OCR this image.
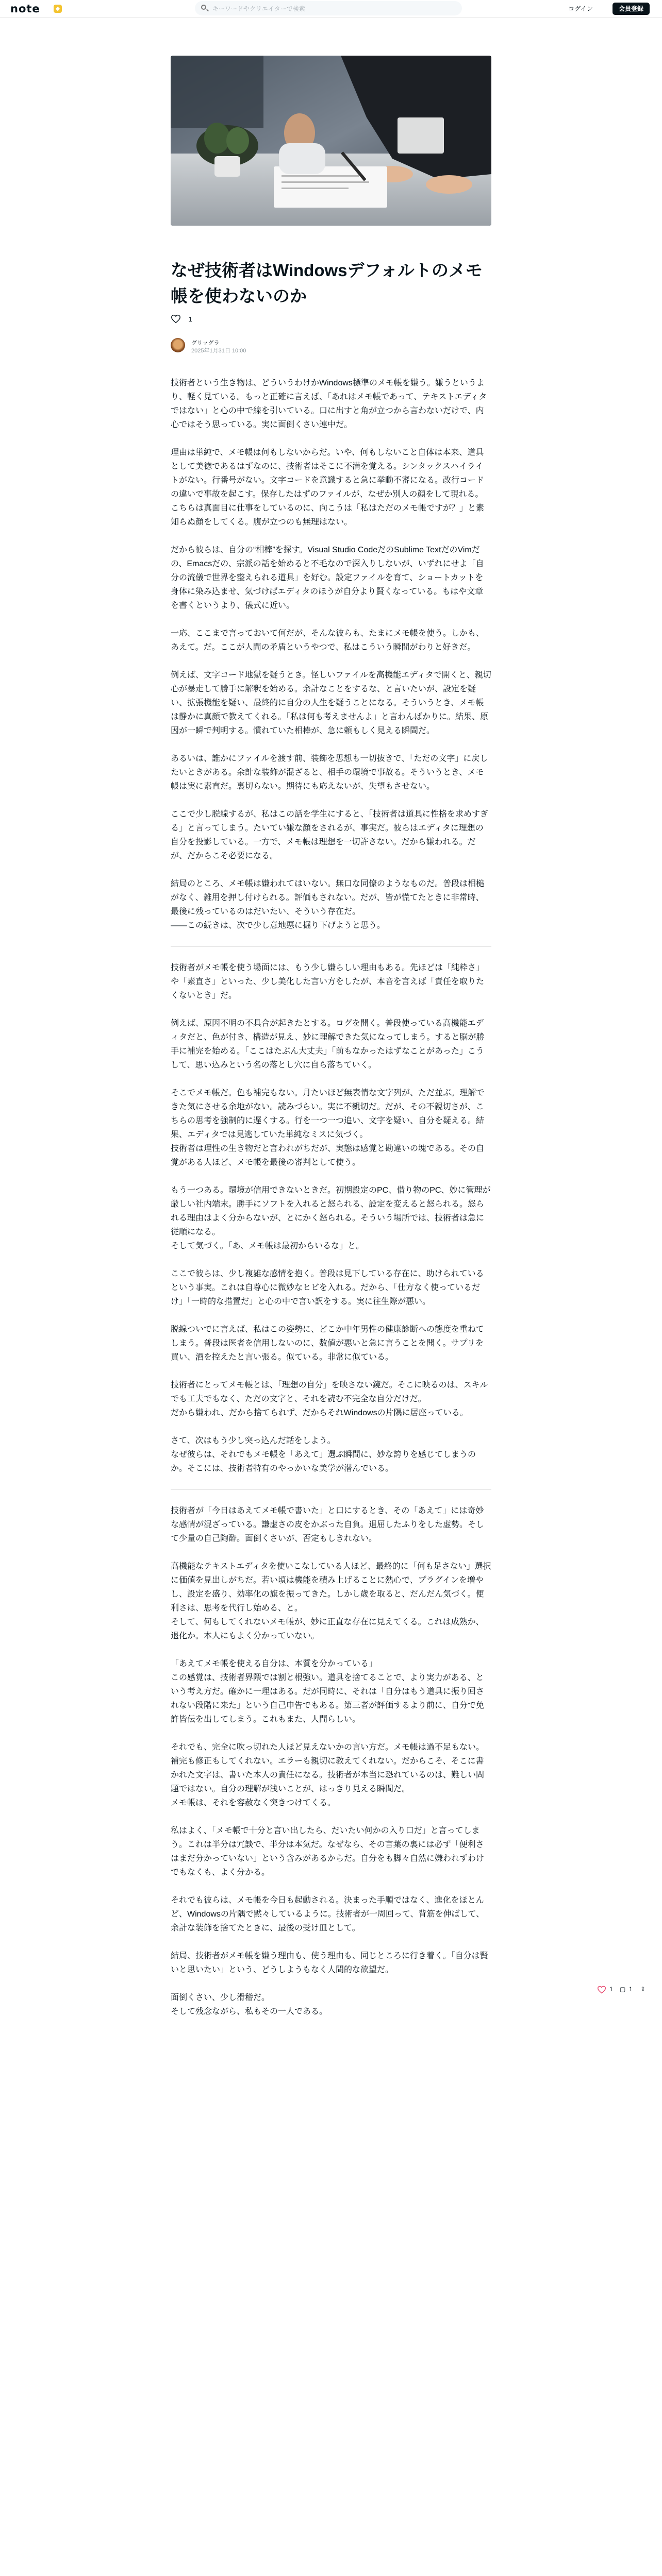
note	◆
キーワードやクリエイターで検索	ログイン	会員登録
なぜ技術者はWindowsデフォルトのメモ帳を使わないのか
1
グリッグラ
2025年1月31日 10:00

技術者という生き物は、どういうわけかWindows標準のメモ帳を嫌う。嫌うというより、軽く見ている。もっと正確に言えば、「あれはメモ帳であって、テキストエディタではない」と心の中で線を引いている。口に出すと角が立つから言わないだけで、内心ではそう思っている。実に面倒くさい連中だ。

理由は単純で、メモ帳は何もしないからだ。いや、何もしないこと自体は本来、道具として美徳であるはずなのに、技術者はそこに不満を覚える。シンタックスハイライトがない。行番号がない。文字コードを意識すると急に挙動不審になる。改行コードの違いで事故を起こす。保存したはずのファイルが、なぜか別人の顔をして現れる。こちらは真面目に仕事をしているのに、向こうは「私はただのメモ帳ですが？」と素知らぬ顔をしてくる。腹が立つのも無理はない。

だから彼らは、自分の“相棒”を探す。Visual Studio CodeだのSublime TextだのVimだの、Emacsだの、宗派の話を始めると不毛なので深入りしないが、いずれにせよ「自分の流儀で世界を整えられる道具」を好む。設定ファイルを育て、ショートカットを身体に染み込ませ、気づけばエディタのほうが自分より賢くなっている。もはや文章を書くというより、儀式に近い。

一応、ここまで言っておいて何だが、そんな彼らも、たまにメモ帳を使う。しかも、あえて。だ。ここが人間の矛盾というやつで、私はこういう瞬間がわりと好きだ。

例えば、文字コード地獄を疑うとき。怪しいファイルを高機能エディタで開くと、親切心が暴走して勝手に解釈を始める。余計なことをするな、と言いたいが、設定を疑い、拡張機能を疑い、最終的に自分の人生を疑うことになる。そういうとき、メモ帳は静かに真顔で教えてくれる。「私は何も考えませんよ」と言わんばかりに。結果、原因が一瞬で判明する。慣れていた相棒が、急に頼もしく見える瞬間だ。

あるいは、誰かにファイルを渡す前、装飾を思想も一切抜きで、「ただの文字」に戻したいときがある。余計な装飾が混ざると、相手の環境で事故る。そういうとき、メモ帳は実に素直だ。裏切らない。期待にも応えないが、失望もさせない。

ここで少し脱線するが、私はこの話を学生にすると、「技術者は道具に性格を求めすぎる」と言ってしまう。たいてい嫌な顔をされるが、事実だ。彼らはエディタに理想の自分を投影している。一方で、メモ帳は理想を一切許さない。だから嫌われる。だが、だからこそ必要になる。

結局のところ、メモ帳は嫌われてはいない。無口な同僚のようなものだ。普段は相槌がなく、雑用を押し付けられる。評価もされない。だが、皆が慌てたときに非常時、最後に残っているのはだいたい、そういう存在だ。
――この続きは、次で少し意地悪に掘り下げようと思う。

技術者がメモ帳を使う場面には、もう少し嫌らしい理由もある。先ほどは「純粋さ」や「素直さ」といった、少し美化した言い方をしたが、本音を言えば「責任を取りたくないとき」だ。

例えば、原因不明の不具合が起きたとする。ログを開く。普段使っている高機能エディタだと、色が付き、構造が見え、妙に理解できた気になってしまう。すると脳が勝手に補完を始める。「ここはたぶん大丈夫」「前もなかったはずなことがあった」こうして、思い込みという名の落とし穴に自ら落ちていく。

そこでメモ帳だ。色も補完もない。月たいほど無表情な文字列が、ただ並ぶ。理解できた気にさせる余地がない。読みづらい。実に不親切だ。だが、その不親切さが、こちらの思考を強制的に遅くする。行を一つ一つ追い、文字を疑い、自分を疑える。結果、エディタでは見逃していた単純なミスに気づく。
技術者は理性の生き物だと言われがちだが、実態は感覚と勘違いの塊である。その自覚がある人ほど、メモ帳を最後の審判として使う。

もう一つある。環境が信用できないときだ。初期設定のPC、借り物のPC、妙に管理が厳しい社内端末。勝手にソフトを入れると怒られる、設定を変えると怒られる。怒られる理由はよく分からないが、とにかく怒られる。そういう場所では、技術者は急に従順になる。
そして気づく。「あ、メモ帳は最初からいるな」と。

ここで彼らは、少し複雑な感情を抱く。普段は見下している存在に、助けられているという事実。これは自尊心に微妙なヒビを入れる。だから、「仕方なく使っているだけ」「一時的な措置だ」と心の中で言い訳をする。実に往生際が悪い。

脱線ついでに言えば、私はこの姿勢に、どこか中年男性の健康診断への態度を重ねてしまう。普段は医者を信用しないのに、数値が悪いと急に言うことを聞く。サプリを買い、酒を控えたと言い張る。似ている。非常に似ている。

技術者にとってメモ帳とは、「理想の自分」を映さない鏡だ。そこに映るのは、スキルでも工夫でもなく、ただの文字と、それを読む不完全な自分だけだ。
だから嫌われ、だから捨てられず、だからそれWindowsの片隅に居座っている。

さて、次はもう少し突っ込んだ話をしよう。
なぜ彼らは、それでもメモ帳を「あえて」選ぶ瞬間に、妙な誇りを感じてしまうのか。そこには、技術者特有のやっかいな美学が潜んでいる。

技術者が「今日はあえてメモ帳で書いた」と口にするとき、その「あえて」には奇妙な感情が混ざっている。謙虚さの皮をかぶった自負。退屈したふりをした虚勢。そして少量の自己陶酔。面倒くさいが、否定もしきれない。

高機能なテキストエディタを使いこなしている人ほど、最終的に「何も足さない」選択に価値を見出しがちだ。若い頃は機能を積み上げることに熱心で、プラグインを増やし、設定を盛り、効率化の旗を振ってきた。しかし歳を取ると、だんだん気づく。便利さは、思考を代行し始める、と。
そして、何もしてくれないメモ帳が、妙に正直な存在に見えてくる。これは成熟か、退化か。本人にもよく分かっていない。

「あえてメモ帳を使える自分は、本質を分かっている」
この感覚は、技術者界隈では割と根強い。道具を捨てることで、より実力がある、という考え方だ。確かに一理はある。だが同時に、それは「自分はもう道具に振り回されない段階に来た」という自己申告でもある。第三者が評価するより前に、自分で免許皆伝を出してしまう。これもまた、人間らしい。

それでも、完全に吹っ切れた人ほど見えないかの言い方だ。メモ帳は過不足もない。補完も修正もしてくれない。エラーも親切に教えてくれない。だからこそ、そこに書かれた文字は、書いた本人の責任になる。技術者が本当に恐れているのは、難しい問題ではない。自分の理解が浅いことが、はっきり見える瞬間だ。
メモ帳は、それを容赦なく突きつけてくる。

私はよく、「メモ帳で十分と言い出したら、だいたい何かの入り口だ」と言ってしまう。これは半分は冗談で、半分は本気だ。なぜなら、その言葉の裏には必ず「便利さはまだ分かっていない」という含みがあるからだ。自分をも脚々自然に嫌われずわけでもなくも、よく分かる。

それでも彼らは、メモ帳を今日も起動される。決まった手順ではなく、進化をほとんど、Windowsの片隅で黙々しているように。技術者が一周回って、背筋を伸ばして、余計な装飾を捨てたときに、最後の受け皿として。

結局、技術者がメモ帳を嫌う理由も、使う理由も、同じところに行き着く。「自分は賢いと思いたい」という、どうしようもなく人間的な欲望だ。

面倒くさい、少し滑稽だ。
そして残念ながら、私もその一人である。

1 ▢ 1 ⇪
